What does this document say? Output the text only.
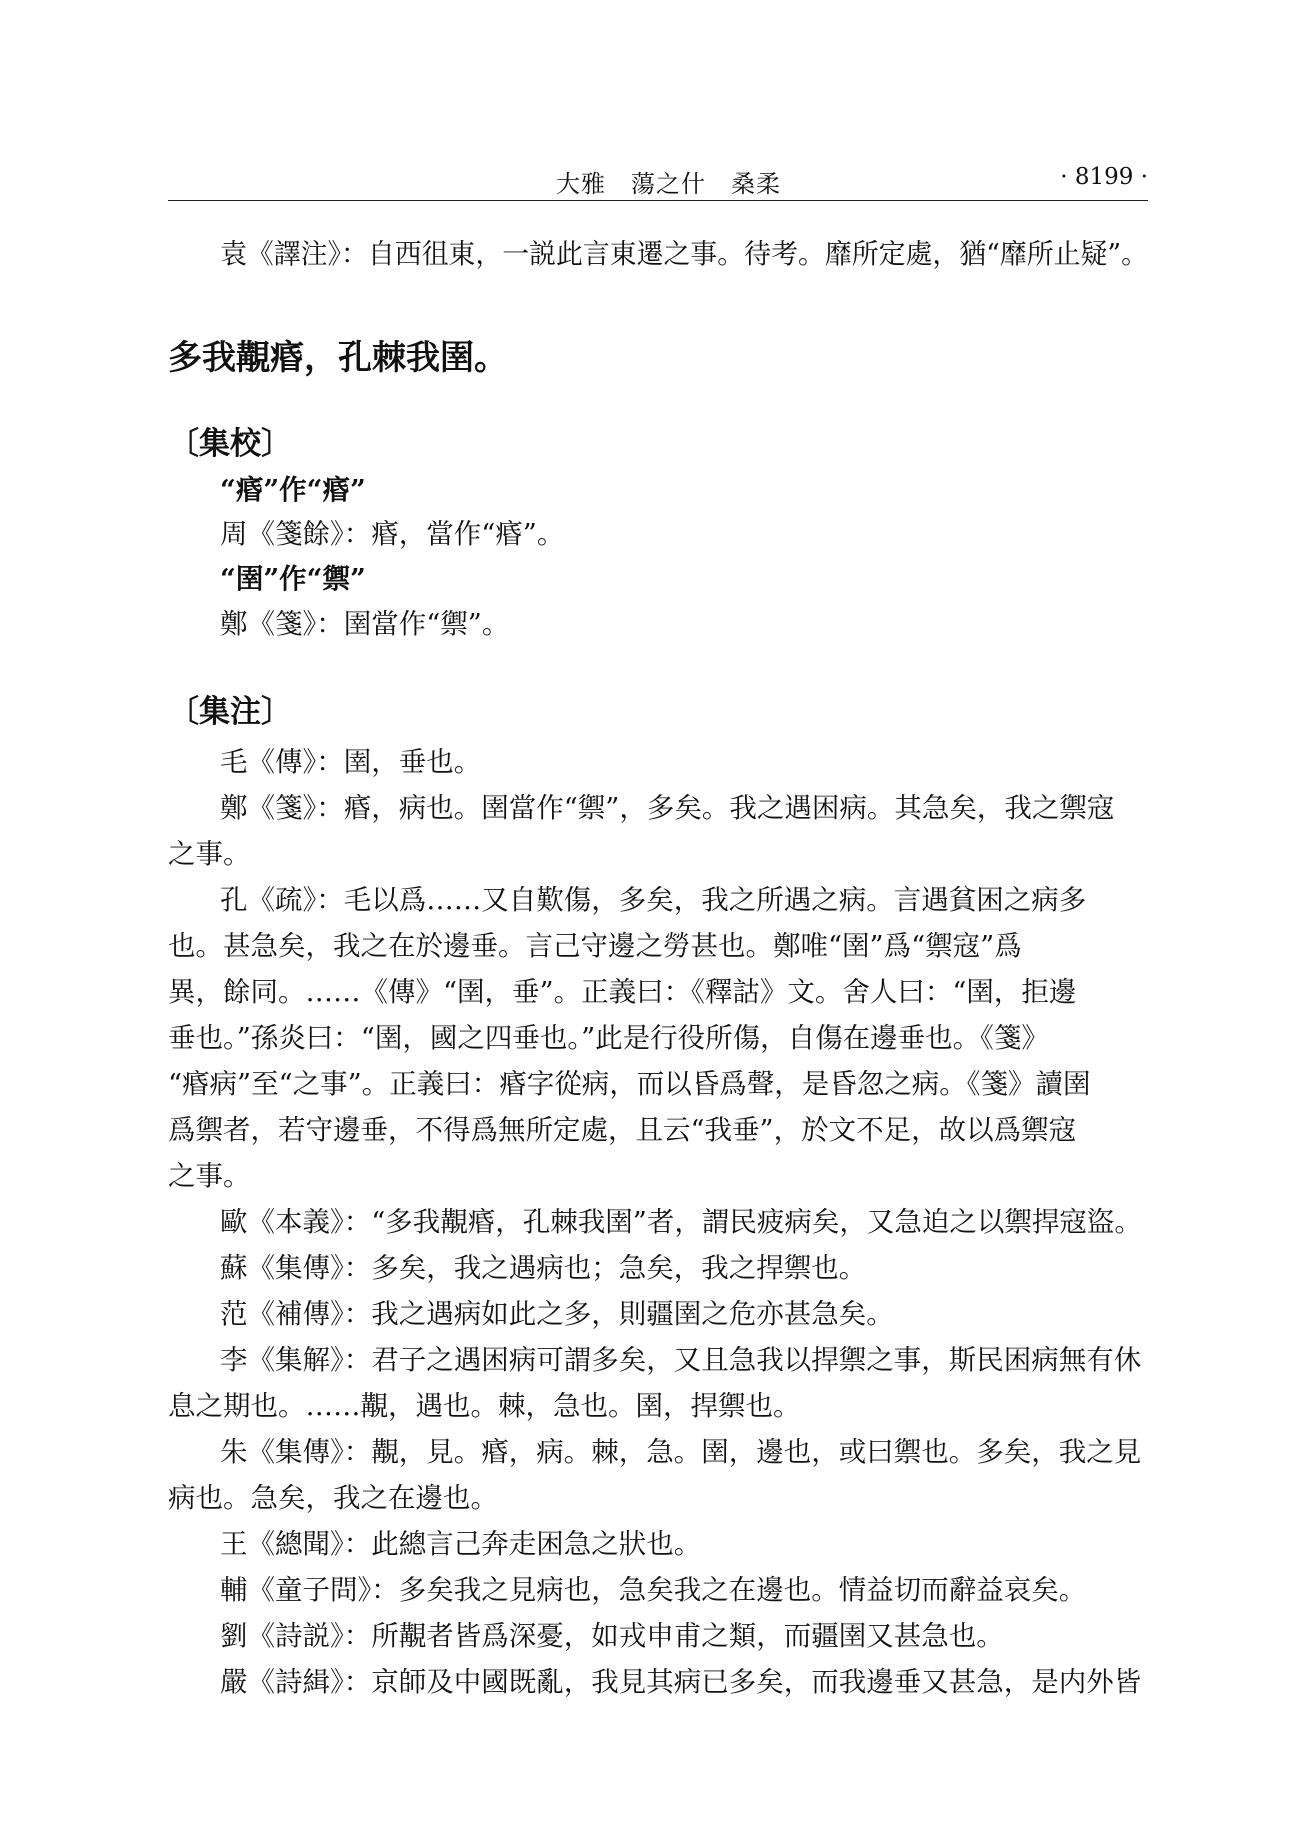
大雅　蕩之什　桑柔	· 8199 ·
袁《譯注》：自西徂東，一説此言東遷之事。待考。靡所定處，猶“靡所止疑”。
多我覯痻，孔棘我圉。
〔集校〕
“痻”作“痻”
周《箋餘》：痻，當作“痻”。
“圉”作“禦”
鄭《箋》：圉當作“禦”。
〔集注〕
毛《傳》：圉，垂也。
鄭《箋》：痻，病也。圉當作“禦”，多矣。我之遇困病。其急矣，我之禦寇
之事。
孔《疏》：毛以爲……又自歎傷，多矣，我之所遇之病。言遇貧困之病多
也。甚急矣，我之在於邊垂。言己守邊之勞甚也。鄭唯“圉”爲“禦寇”爲
異，餘同。……《傳》“圉，垂”。正義曰：《釋詁》文。舍人曰：“圉，拒邊
垂也。”孫炎曰：“圉，國之四垂也。”此是行役所傷，自傷在邊垂也。《箋》
“痻病”至“之事”。正義曰：痻字從病，而以昏爲聲，是昏忽之病。《箋》讀圉
爲禦者，若守邊垂，不得爲無所定處，且云“我垂”，於文不足，故以爲禦寇
之事。
歐《本義》：“多我覯痻，孔棘我圉”者，謂民疲病矣，又急迫之以禦捍寇盜。
蘇《集傳》：多矣，我之遇病也；急矣，我之捍禦也。
范《補傳》：我之遇病如此之多，則疆圉之危亦甚急矣。
李《集解》：君子之遇困病可謂多矣，又且急我以捍禦之事，斯民困病無有休
息之期也。……覯，遇也。棘，急也。圉，捍禦也。
朱《集傳》：覯，見。痻，病。棘，急。圉，邊也，或曰禦也。多矣，我之見
病也。急矣，我之在邊也。
王《總聞》：此總言己奔走困急之狀也。
輔《童子問》：多矣我之見病也，急矣我之在邊也。情益切而辭益哀矣。
劉《詩説》：所覯者皆爲深憂，如戎申甫之類，而疆圉又甚急也。
嚴《詩緝》：京師及中國既亂，我見其病已多矣，而我邊垂又甚急，是内外皆
